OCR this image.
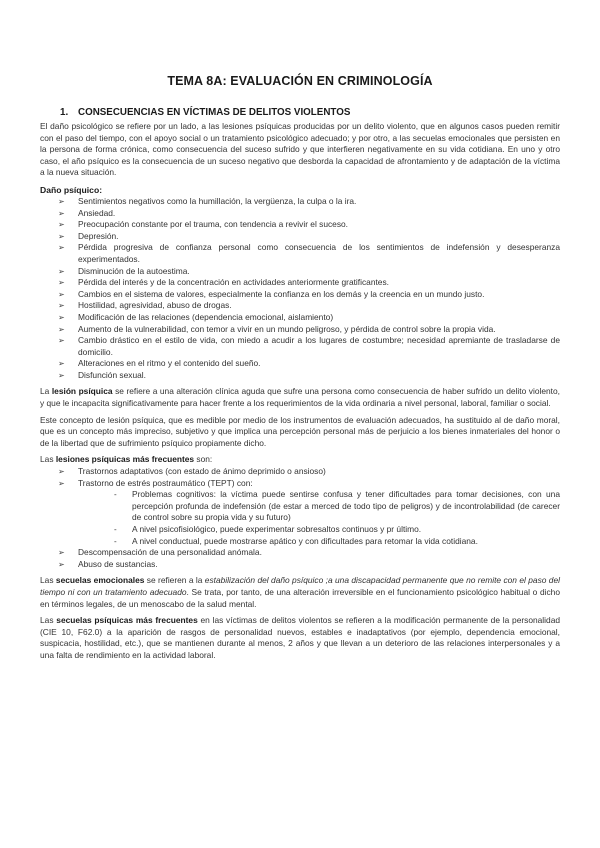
TEMA 8A: EVALUACIÓN EN CRIMINOLOGÍA
1. CONSECUENCIAS EN VÍCTIMAS DE DELITOS VIOLENTOS

El daño psicológico se refiere por un lado, a las lesiones psíquicas producidas por un delito violento, que en algunos casos pueden remitir con el paso del tiempo, con el apoyo social o un tratamiento psicológico adecuado; y por otro, a las secuelas emocionales que persisten en la persona de forma crónica, como consecuencia del suceso sufrido y que interfieren negativamente en su vida cotidiana. En uno y otro caso, el año psíquico es la consecuencia de un suceso negativo que desborda la capacidad de afrontamiento y de adaptación de la víctima a la nueva situación.

Daño psíquico:
➢ Sentimientos negativos como la humillación, la vergüenza, la culpa o la ira.
➢ Ansiedad.
➢ Preocupación constante por el trauma, con tendencia a revivir el suceso.
➢ Depresión.
➢ Pérdida progresiva de confianza personal como consecuencia de los sentimientos de indefensión y desesperanza experimentados.
➢ Disminución de la autoestima.
➢ Pérdida del interés y de la concentración en actividades anteriormente gratificantes.
➢ Cambios en el sistema de valores, especialmente la confianza en los demás y la creencia en un mundo justo.
➢ Hostilidad, agresividad, abuso de drogas.
➢ Modificación de las relaciones (dependencia emocional, aislamiento)
➢ Aumento de la vulnerabilidad, con temor a vivir en un mundo peligroso, y pérdida de control sobre la propia vida.
➢ Cambio drástico en el estilo de vida, con miedo a acudir a los lugares de costumbre; necesidad apremiante de trasladarse de domicilio.
➢ Alteraciones en el ritmo y el contenido del sueño.
➢ Disfunción sexual.

La lesión psíquica se refiere a una alteración clínica aguda que sufre una persona como consecuencia de haber sufrido un delito violento, y que le incapacita significativamente para hacer frente a los requerimientos de la vida ordinaria a nivel personal, laboral, familiar o social.

Este concepto de lesión psíquica, que es medible por medio de los instrumentos de evaluación adecuados, ha sustituido al de daño moral, que es un concepto más impreciso, subjetivo y que implica una percepción personal más de perjuicio a los bienes inmateriales del honor o de la libertad que de sufrimiento psíquico propiamente dicho.

Las lesiones psíquicas más frecuentes son:

➢ Trastornos adaptativos (con estado de ánimo deprimido o ansioso)
➢ Trastorno de estrés postraumático (TEPT) con:
- Problemas cognitivos: la víctima puede sentirse confusa y tener dificultades para tomar decisiones, con una percepción profunda de indefensión (de estar a merced de todo tipo de peligros) y de incontrolabilidad (de carecer de control sobre su propia vida y su futuro)
- A nivel psicofisiológico, puede experimentar sobresaltos continuos y pr último.
- A nivel conductual, puede mostrarse apático y con dificultades para retomar la vida cotidiana.
➢ Descompensación de una personalidad anómala.
➢ Abuso de sustancias.

Las secuelas emocionales se refieren a la estabilización del daño psíquico ;a una discapacidad permanente que no remite con el paso del tiempo ni con un tratamiento adecuado. Se trata, por tanto, de una alteración irreversible en el funcionamiento psicológico habitual o dicho en términos legales, de un menoscabo de la salud mental.

Las secuelas psíquicas más frecuentes en las víctimas de delitos violentos se refieren a la modificación permanente de la personalidad (CIE 10, F62.0) a la aparición de rasgos de personalidad nuevos, estables e inadaptativos (por ejemplo, dependencia emocional, suspicacia, hostilidad, etc.), que se mantienen durante al menos, 2 años y que llevan a un deterioro de las relaciones interpersonales y a una falta de rendimiento en la actividad laboral.
